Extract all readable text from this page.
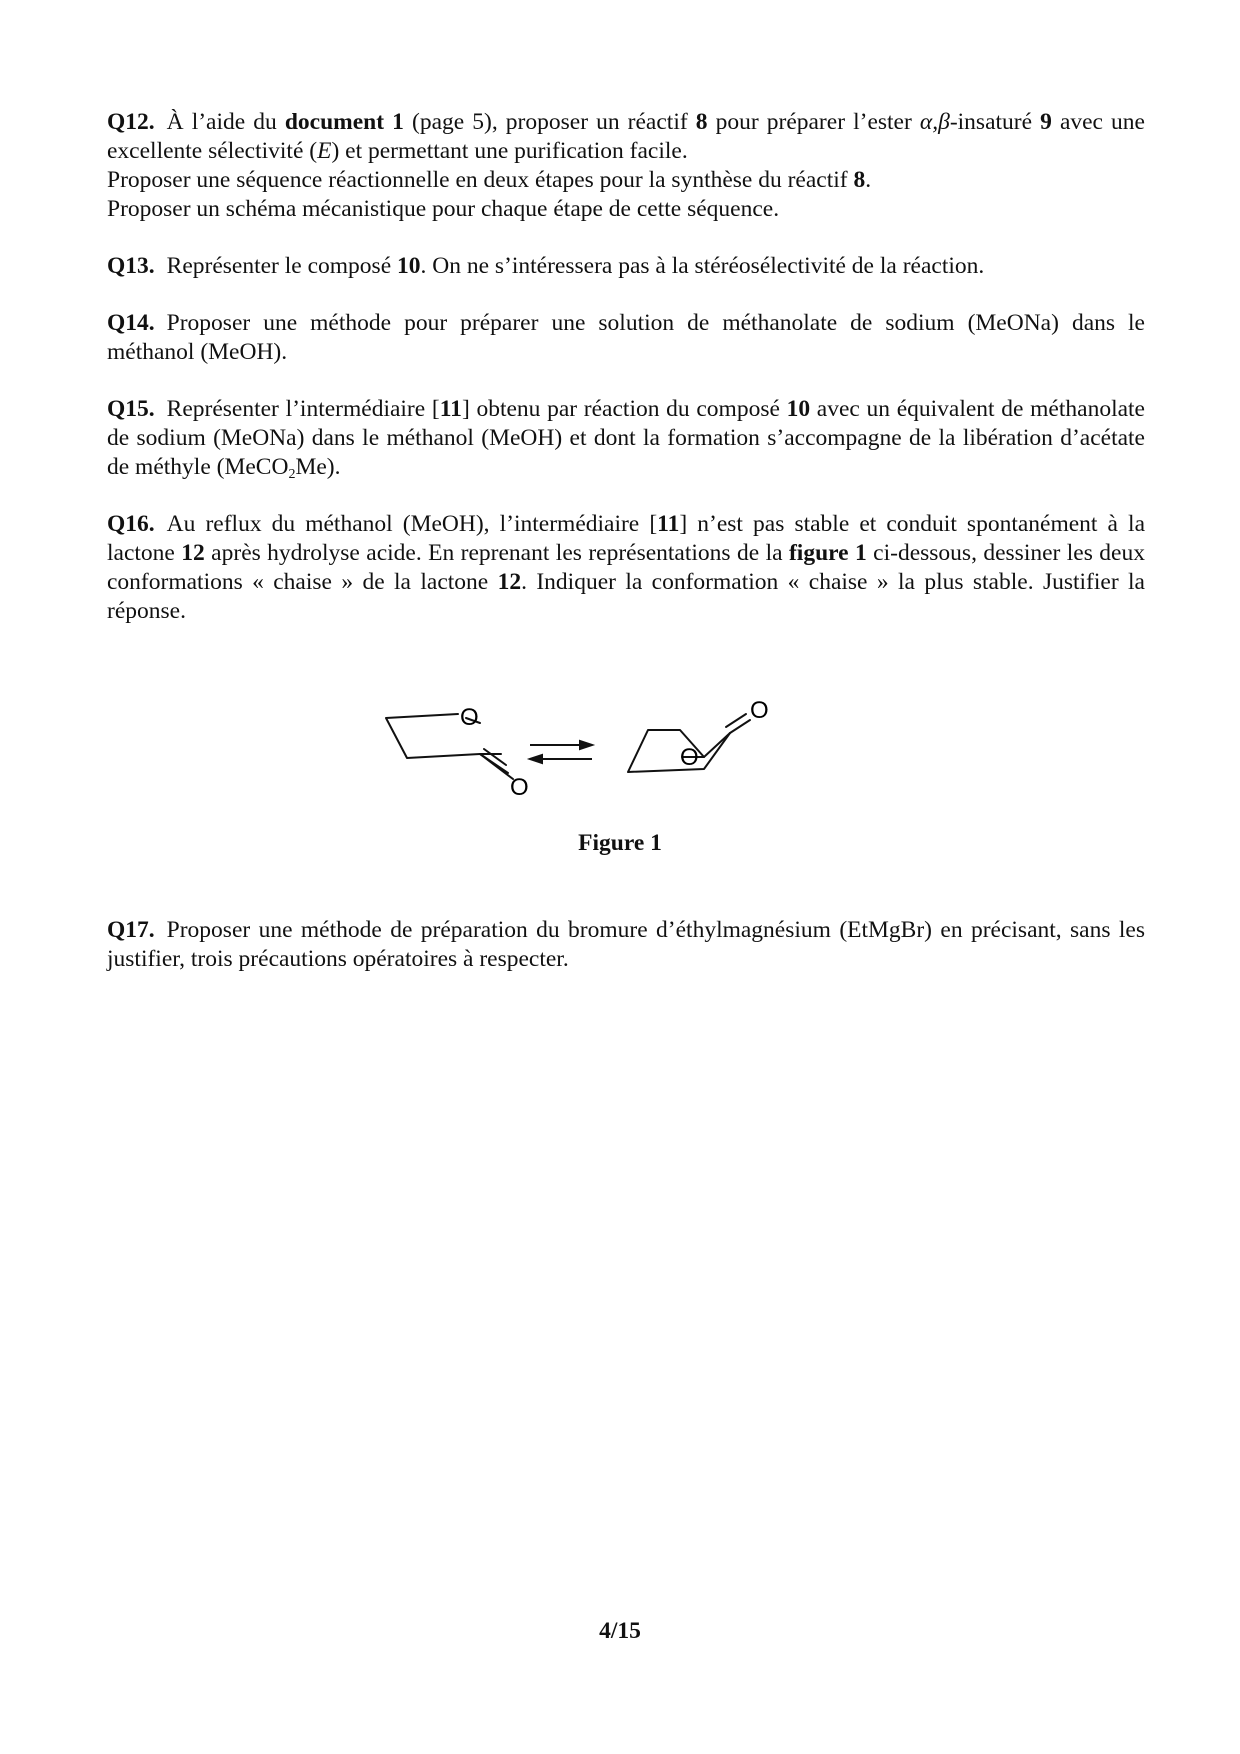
Q12. À l’aide du document 1 (page 5), proposer un réactif 8 pour préparer l’ester α,β-insaturé 9 avec une excellente sélectivité (E) et permettant une purification facile.
Proposer une séquence réactionnelle en deux étapes pour la synthèse du réactif 8.
Proposer un schéma mécanistique pour chaque étape de cette séquence.

Q13. Représenter le composé 10. On ne s’intéressera pas à la stéréosélectivité de la réaction.

Q14. Proposer une méthode pour préparer une solution de méthanolate de sodium (MeONa) dans le méthanol (MeOH).

Q15. Représenter l’intermédiaire [11] obtenu par réaction du composé 10 avec un équivalent de méthanolate de sodium (MeONa) dans le méthanol (MeOH) et dont la formation s’accompagne de la libération d’acétate de méthyle (MeCO$_2$Me).

Q16. Au reflux du méthanol (MeOH), l’intermédiaire [11] n’est pas stable et conduit spontanément à la lactone 12 après hydrolyse acide. En reprenant les représentations de la figure 1 ci-dessous, dessiner les deux conformations « chaise » de la lactone 12. Indiquer la conformation « chaise » la plus stable. Justifier la réponse.

O
O
O
O
Figure 1

Q17. Proposer une méthode de préparation du bromure d’éthylmagnésium (EtMgBr) en précisant, sans les justifier, trois précautions opératoires à respecter.

4/15
